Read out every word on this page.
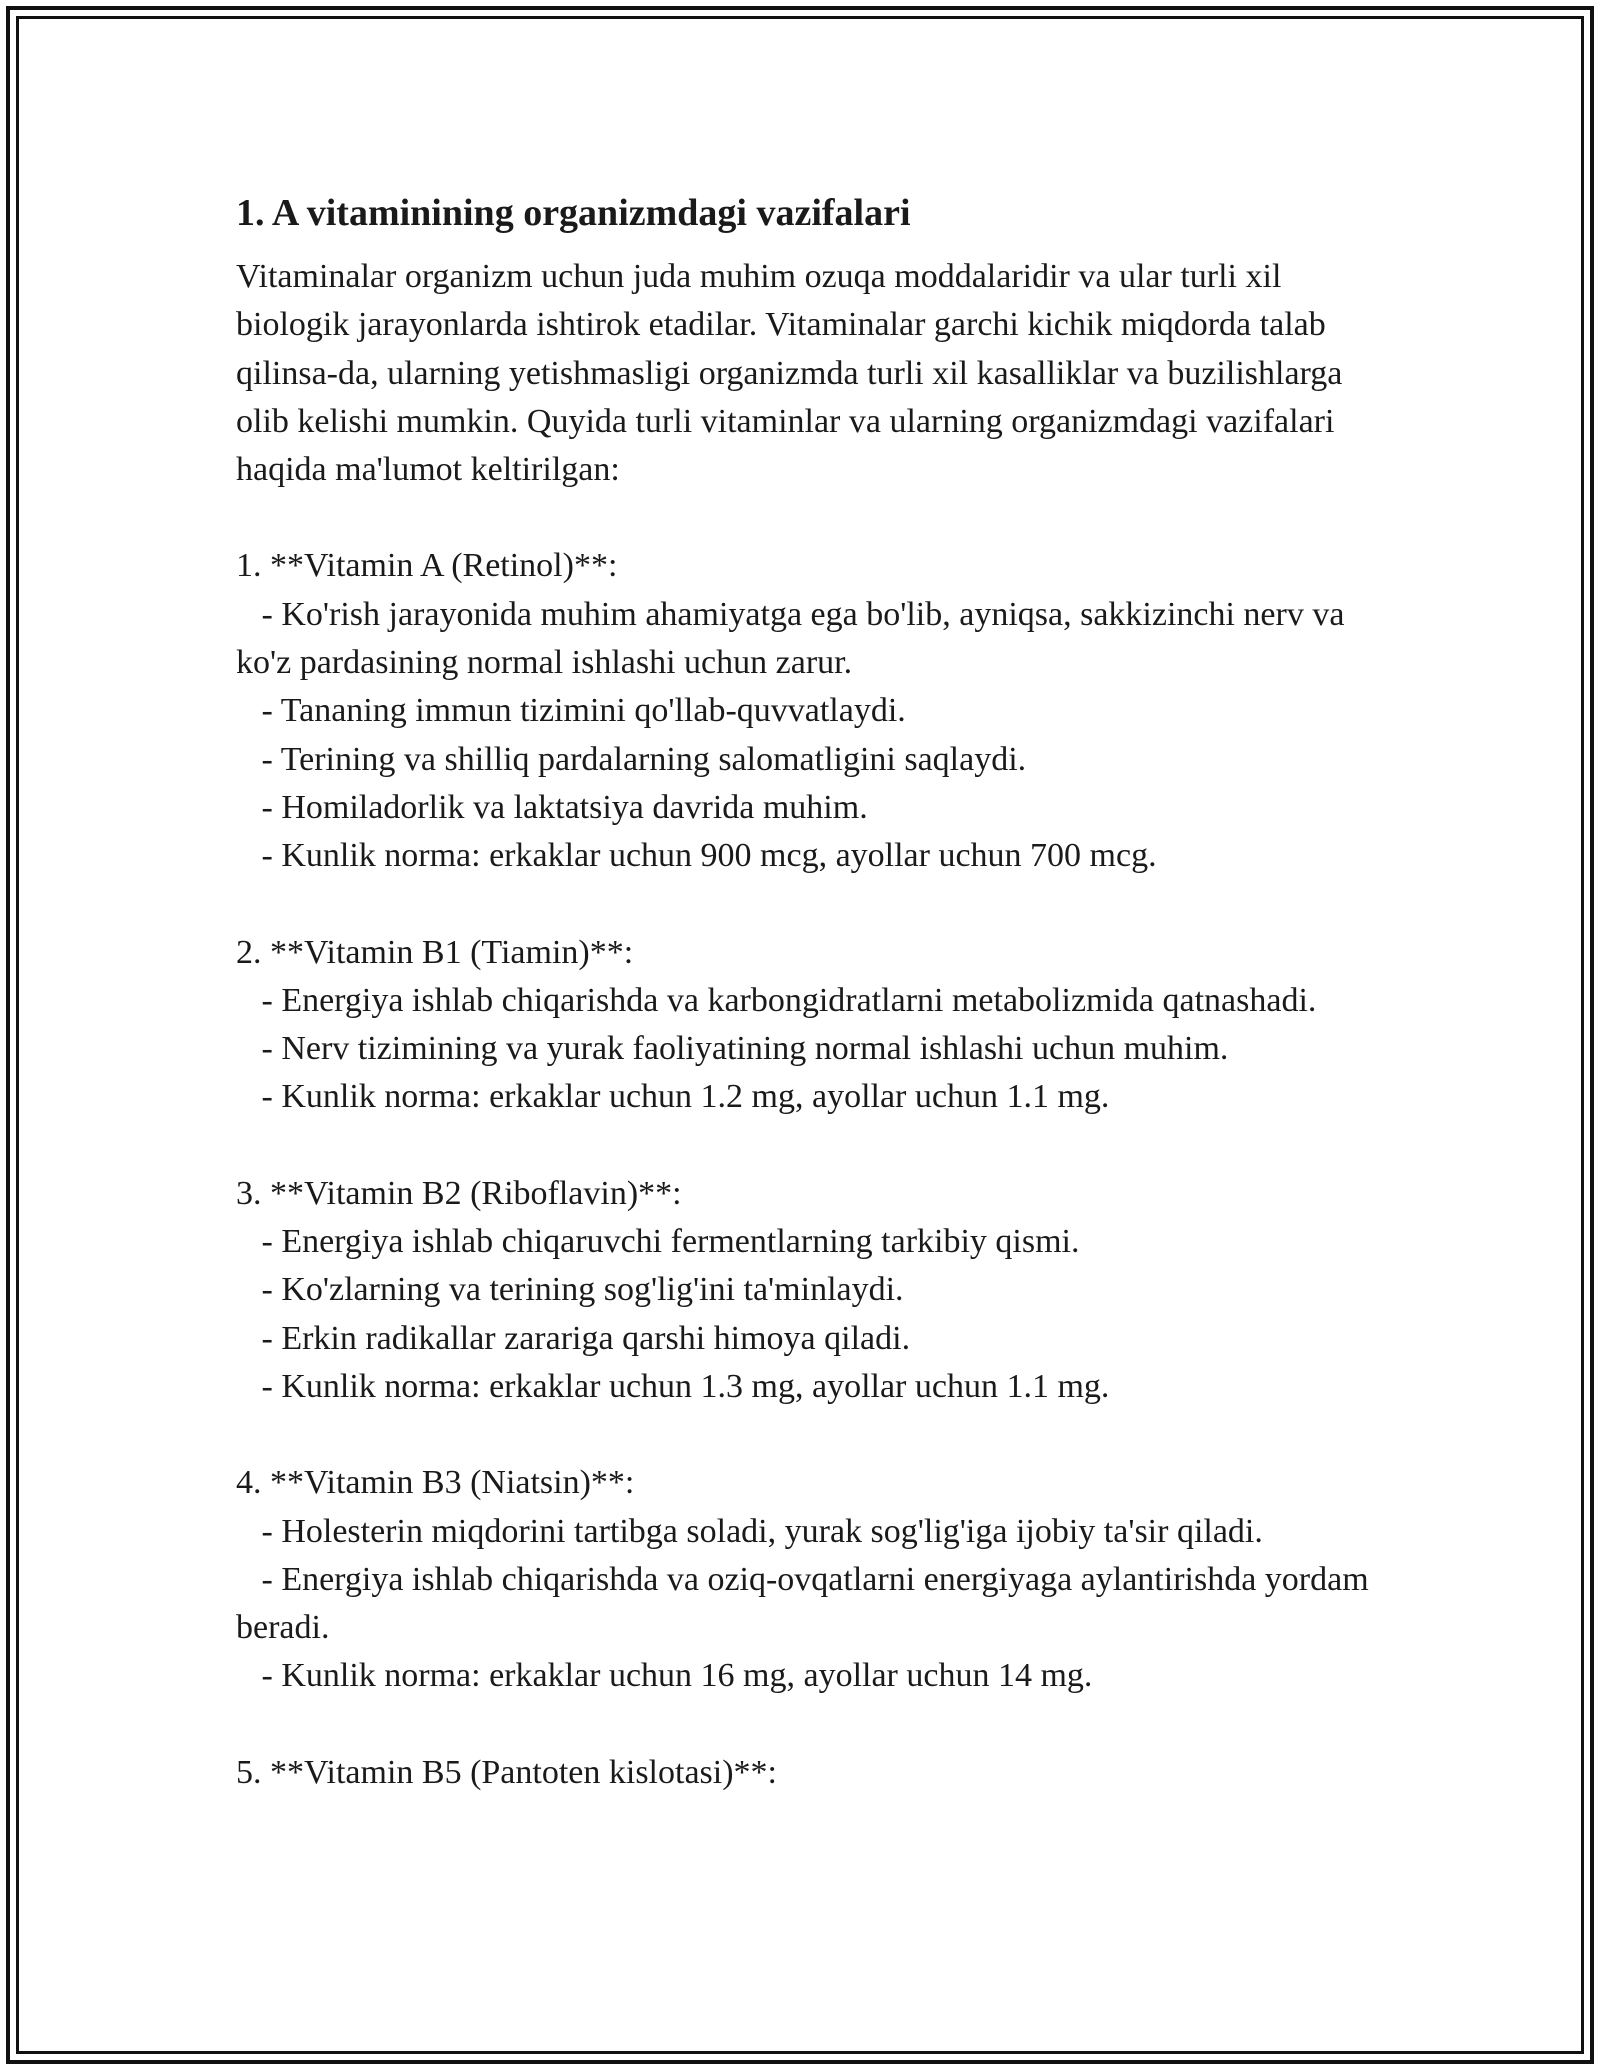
1. A vitaminining organizmdagi vazifalari

Vitaminalar organizm uchun juda muhim ozuqa moddalaridir va ular turli xil biologik jarayonlarda ishtirok etadilar. Vitaminalar garchi kichik miqdorda talab qilinsa-da, ularning yetishmasligi organizmda turli xil kasalliklar va buzilishlarga olib kelishi mumkin. Quyida turli vitaminlar va ularning organizmdagi vazifalari haqida ma'lumot keltirilgan:

1. **Vitamin A (Retinol)**:

- Ko'rish jarayonida muhim ahamiyatga ega bo'lib, ayniqsa, sakkizinchi nerv va ko'z pardasining normal ishlashi uchun zarur.

- Tananing immun tizimini qo'llab-quvvatlaydi.

- Terining va shilliq pardalarning salomatligini saqlaydi.

- Homiladorlik va laktatsiya davrida muhim.

- Kunlik norma: erkaklar uchun 900 mcg, ayollar uchun 700 mcg.

2. **Vitamin B1 (Tiamin)**:

- Energiya ishlab chiqarishda va karbongidratlarni metabolizmida qatnashadi.

- Nerv tizimining va yurak faoliyatining normal ishlashi uchun muhim.

- Kunlik norma: erkaklar uchun 1.2 mg, ayollar uchun 1.1 mg.

3. **Vitamin B2 (Riboflavin)**:

- Energiya ishlab chiqaruvchi fermentlarning tarkibiy qismi.

- Ko'zlarning va terining sog'lig'ini ta'minlaydi.

- Erkin radikallar zarariga qarshi himoya qiladi.

- Kunlik norma: erkaklar uchun 1.3 mg, ayollar uchun 1.1 mg.

4. **Vitamin B3 (Niatsin)**:

- Holesterin miqdorini tartibga soladi, yurak sog'lig'iga ijobiy ta'sir qiladi.

- Energiya ishlab chiqarishda va oziq-ovqatlarni energiyaga aylantirishda yordam beradi.

- Kunlik norma: erkaklar uchun 16 mg, ayollar uchun 14 mg.

5. **Vitamin B5 (Pantoten kislotasi)**:
